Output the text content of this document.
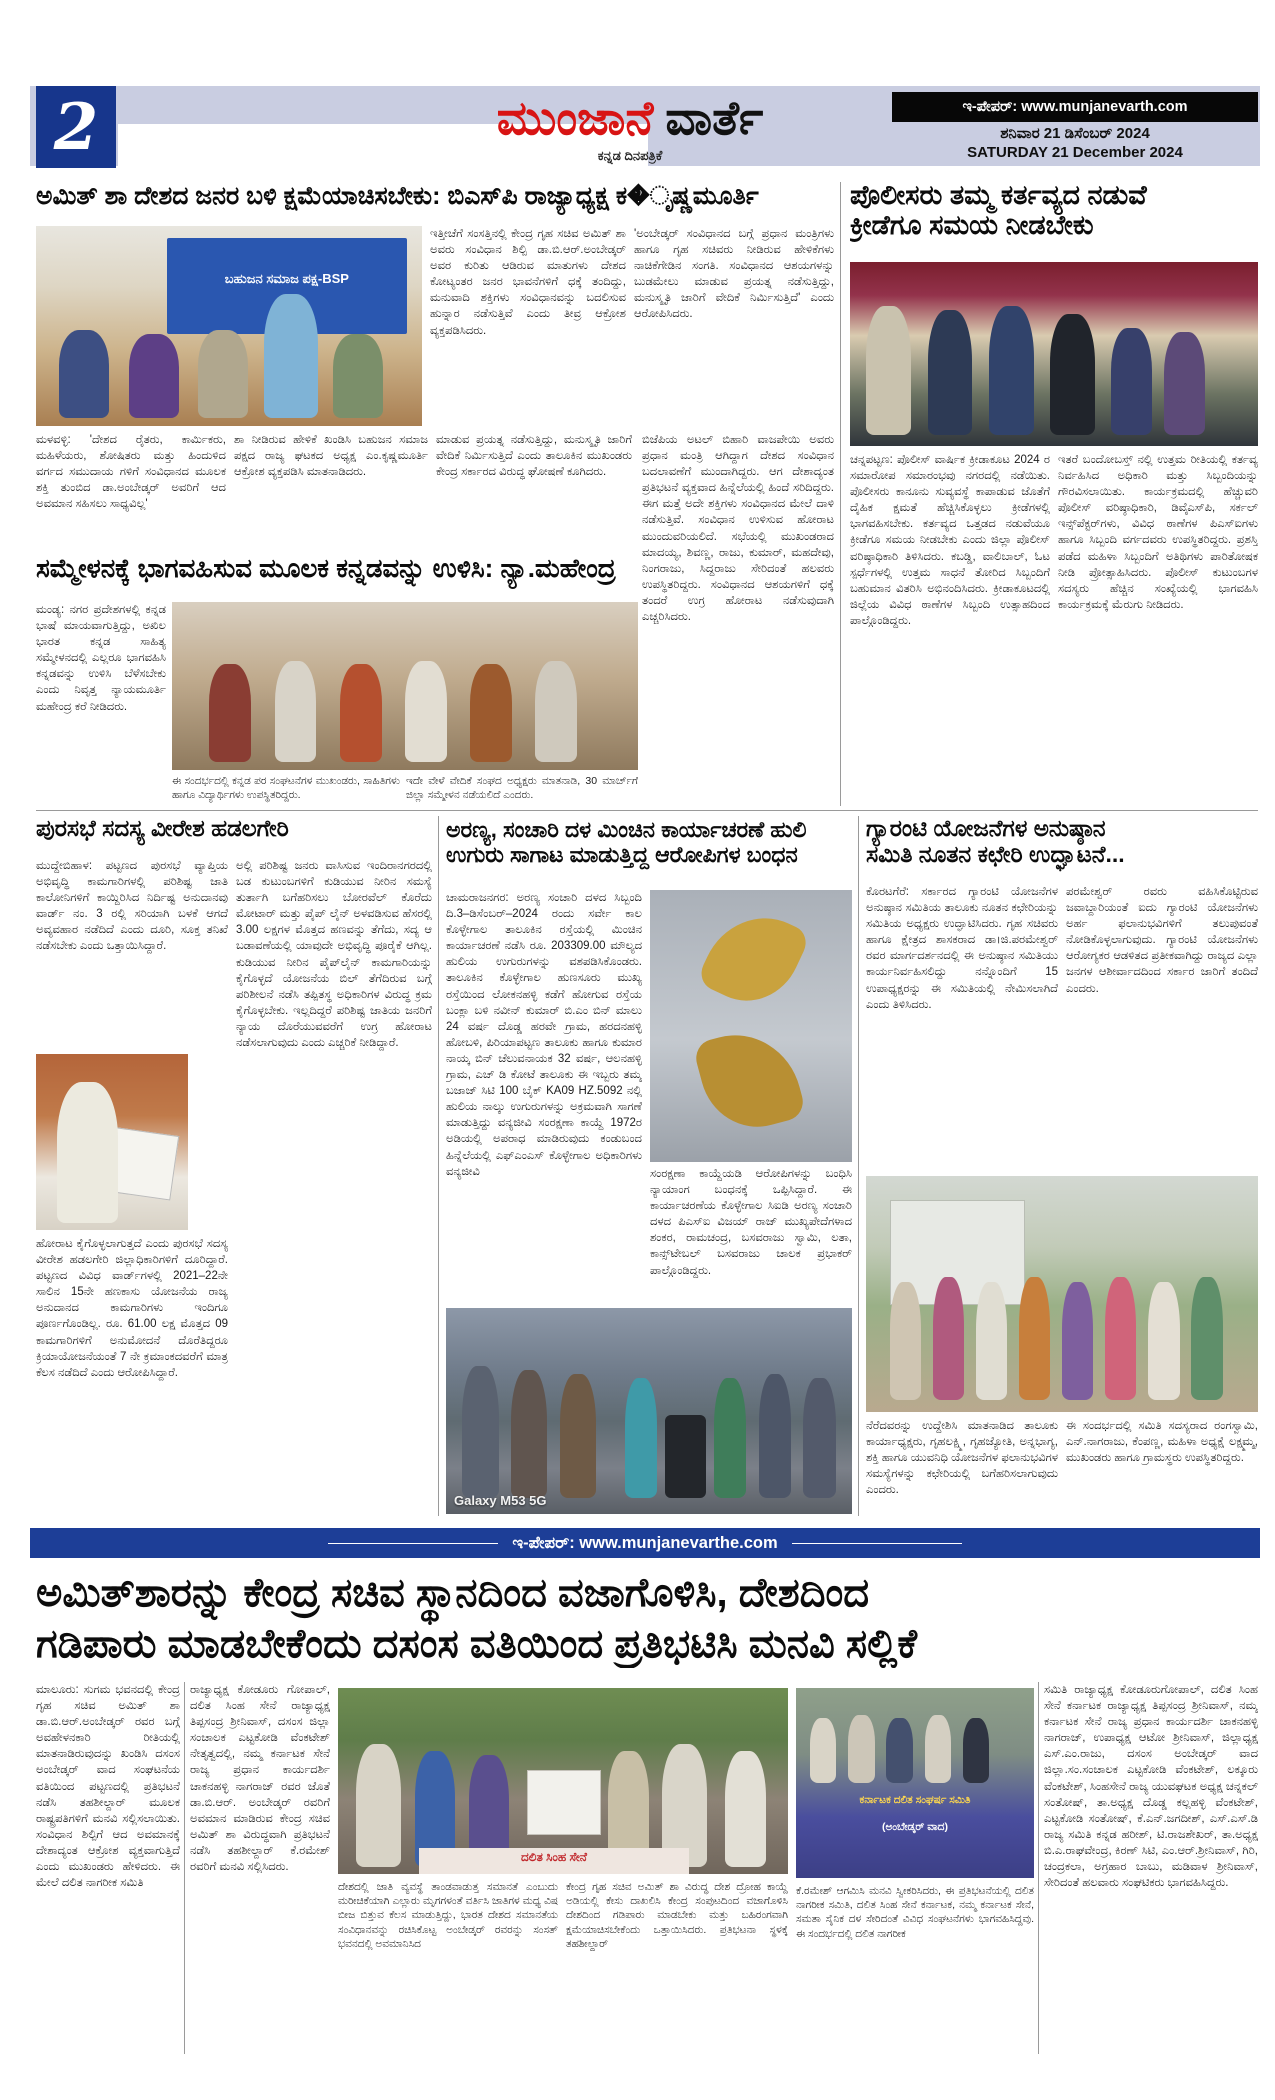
2	ಮುಂಜಾನೆ ವಾರ್ತೆ
ಕನ್ನಡ ದಿನಪತ್ರಿಕೆ
ಇ-ಪೇಪರ್: www.munjanevarth.com
ಶನಿವಾರ 21 ಡಿಸೆಂಬರ್ 2024
SATURDAY 21 December 2024
ಅಮಿತ್ ಶಾ ದೇಶದ ಜನರ ಬಳಿ ಕ್ಷಮೆಯಾಚಿಸಬೇಕು: ಬಿಎಸ್‌ಪಿ ರಾಜ್ಯಾಧ್ಯಕ್ಷ ಕ�ೃಷ್ಣಮೂರ್ತಿ
ಬಹುಜನ ಸಮಾಜ ಪಕ್ಷ-BSP
ಇತ್ತೀಚೆಗೆ ಸಂಸತ್ತಿನಲ್ಲಿ ಕೇಂದ್ರ ಗೃಹ ಸಚಿವ ಅಮಿತ್ ಶಾ ಅವರು ಸಂವಿಧಾನ ಶಿಲ್ಪಿ ಡಾ.ಬಿ.ಆರ್.ಅಂಬೇಡ್ಕರ್ ಅವರ ಕುರಿತು ಆಡಿರುವ ಮಾತುಗಳು ದೇಶದ ಕೋಟ್ಯಂತರ ಜನರ ಭಾವನೆಗಳಿಗೆ ಧಕ್ಕೆ ತಂದಿದ್ದು, ಮನುವಾದಿ ಶಕ್ತಿಗಳು ಸಂವಿಧಾನವನ್ನು ಬದಲಿಸುವ ಹುನ್ನಾರ ನಡೆಸುತ್ತಿವೆ ಎಂದು ತೀವ್ರ ಆಕ್ರೋಶ ವ್ಯಕ್ತಪಡಿಸಿದರು.
'ಅಂಬೇಡ್ಕರ್ ಸಂವಿಧಾನದ ಬಗ್ಗೆ ಪ್ರಧಾನ ಮಂತ್ರಿಗಳು ಹಾಗೂ ಗೃಹ ಸಚಿವರು ನೀಡಿರುವ ಹೇಳಿಕೆಗಳು ನಾಚಿಕೆಗೇಡಿನ ಸಂಗತಿ. ಸಂವಿಧಾನದ ಆಶಯಗಳನ್ನು ಬುಡಮೇಲು ಮಾಡುವ ಪ್ರಯತ್ನ ನಡೆಸುತ್ತಿದ್ದು, ಮನುಸ್ಮೃತಿ ಜಾರಿಗೆ ವೇದಿಕೆ ನಿರ್ಮಿಸುತ್ತಿದೆ' ಎಂದು ಆರೋಪಿಸಿದರು.
ಮಳವಳ್ಳಿ: 'ದೇಶದ ರೈತರು, ಕಾರ್ಮಿಕರು, ಮಹಿಳೆಯರು, ಶೋಷಿತರು ಮತ್ತು ಹಿಂದುಳಿದ ವರ್ಗದ ಸಮುದಾಯ ಗಳಿಗೆ ಸಂವಿಧಾನದ ಮೂಲಕ ಶಕ್ತಿ ತುಂಬಿದ ಡಾ.ಅಂಬೇಡ್ಕರ್ ಅವರಿಗೆ ಆದ ಅವಮಾನ ಸಹಿಸಲು ಸಾಧ್ಯವಿಲ್ಲ'
ಶಾ ನೀಡಿರುವ ಹೇಳಿಕೆ ಖಂಡಿಸಿ ಬಹುಜನ ಸಮಾಜ ಪಕ್ಷದ ರಾಜ್ಯ ಘಟಕದ ಅಧ್ಯಕ್ಷ ಎಂ.ಕೃಷ್ಣಮೂರ್ತಿ ಆಕ್ರೋಶ ವ್ಯಕ್ತಪಡಿಸಿ ಮಾತನಾಡಿದರು.
ಮಾಡುವ ಪ್ರಯತ್ನ ನಡೆಸುತ್ತಿದ್ದು, ಮನುಸ್ಮೃತಿ ಜಾರಿಗೆ ವೇದಿಕೆ ನಿರ್ಮಿಸುತ್ತಿದೆ ಎಂದು ತಾಲೂಕಿನ ಮುಖಂಡರು ಕೇಂದ್ರ ಸರ್ಕಾರದ ವಿರುದ್ಧ ಘೋಷಣೆ ಕೂಗಿದರು.
ಬಿಜೆಪಿಯ ಅಟಲ್ ಬಿಹಾರಿ ವಾಜಪೇಯಿ ಅವರು ಪ್ರಧಾನ ಮಂತ್ರಿ ಆಗಿದ್ದಾಗ ದೇಶದ ಸಂವಿಧಾನ ಬದಲಾವಣೆಗೆ ಮುಂದಾಗಿದ್ದರು. ಆಗ ದೇಶಾದ್ಯಂತ ಪ್ರತಿಭಟನೆ ವ್ಯಕ್ತವಾದ ಹಿನ್ನೆಲೆಯಲ್ಲಿ ಹಿಂದೆ ಸರಿದಿದ್ದರು. ಈಗ ಮತ್ತೆ ಅದೇ ಶಕ್ತಿಗಳು ಸಂವಿಧಾನದ ಮೇಲೆ ದಾಳಿ ನಡೆಸುತ್ತಿವೆ. ಸಂವಿಧಾನ ಉಳಿಸುವ ಹೋರಾಟ ಮುಂದುವರಿಯಲಿದೆ. ಸಭೆಯಲ್ಲಿ ಮುಖಂಡರಾದ ಮಾದಯ್ಯ, ಶಿವಣ್ಣ, ರಾಜು, ಕುಮಾರ್, ಮಹದೇವು, ನಿಂಗರಾಜು, ಸಿದ್ದರಾಜು ಸೇರಿದಂತೆ ಹಲವರು ಉಪಸ್ಥಿತರಿದ್ದರು. ಸಂವಿಧಾನದ ಆಶಯಗಳಿಗೆ ಧಕ್ಕೆ ತಂದರೆ ಉಗ್ರ ಹೋರಾಟ ನಡೆಸುವುದಾಗಿ ಎಚ್ಚರಿಸಿದರು.
ಸಮ್ಮೇಳನಕ್ಕೆ ಭಾಗವಹಿಸುವ ಮೂಲಕ ಕನ್ನಡವನ್ನು ಉಳಿಸಿ: ನ್ಯಾ.ಮಹೇಂದ್ರ
ಮಂಡ್ಯ: ನಗರ ಪ್ರದೇಶಗಳಲ್ಲಿ ಕನ್ನಡ ಭಾಷೆ ಮಾಯವಾಗುತ್ತಿದ್ದು, ಅಖಿಲ ಭಾರತ ಕನ್ನಡ ಸಾಹಿತ್ಯ ಸಮ್ಮೇಳನದಲ್ಲಿ ಎಲ್ಲರೂ ಭಾಗವಹಿಸಿ ಕನ್ನಡವನ್ನು ಉಳಿಸಿ ಬೆಳೆಸಬೇಕು ಎಂದು ನಿವೃತ್ತ ನ್ಯಾಯಮೂರ್ತಿ ಮಹೇಂದ್ರ ಕರೆ ನೀಡಿದರು.
ಈ ಸಂದರ್ಭದಲ್ಲಿ ಕನ್ನಡ ಪರ ಸಂಘಟನೆಗಳ ಮುಖಂಡರು, ಸಾಹಿತಿಗಳು ಹಾಗೂ ವಿದ್ಯಾರ್ಥಿಗಳು ಉಪಸ್ಥಿತರಿದ್ದರು.
ಇದೇ ವೇಳೆ ವೇದಿಕೆ ಸಂಘದ ಅಧ್ಯಕ್ಷರು ಮಾತನಾಡಿ, 30 ಮಾರ್ಚ್‌ಗೆ ಜಿಲ್ಲಾ ಸಮ್ಮೇಳನ ನಡೆಯಲಿದೆ ಎಂದರು.
ಪೊಲೀಸರು ತಮ್ಮ ಕರ್ತವ್ಯದ ನಡುವೆ
ಕ್ರೀಡೆಗೂ ಸಮಯ ನೀಡಬೇಕು
ಚನ್ನಪಟ್ಟಣ: ಪೊಲೀಸ್ ವಾರ್ಷಿಕ ಕ್ರೀಡಾಕೂಟ 2024 ರ ಸಮಾರೋಪ ಸಮಾರಂಭವು ನಗರದಲ್ಲಿ ನಡೆಯಿತು. ಪೊಲೀಸರು ಕಾನೂನು ಸುವ್ಯವಸ್ಥೆ ಕಾಪಾಡುವ ಜೊತೆಗೆ ದೈಹಿಕ ಕ್ಷಮತೆ ಹೆಚ್ಚಿಸಿಕೊಳ್ಳಲು ಕ್ರೀಡೆಗಳಲ್ಲಿ ಭಾಗವಹಿಸಬೇಕು. ಕರ್ತವ್ಯದ ಒತ್ತಡದ ನಡುವೆಯೂ ಕ್ರೀಡೆಗೂ ಸಮಯ ನೀಡಬೇಕು ಎಂದು ಜಿಲ್ಲಾ ಪೊಲೀಸ್ ವರಿಷ್ಠಾಧಿಕಾರಿ ತಿಳಿಸಿದರು. ಕಬಡ್ಡಿ, ವಾಲಿಬಾಲ್, ಓಟ ಸ್ಪರ್ಧೆಗಳಲ್ಲಿ ಉತ್ತಮ ಸಾಧನೆ ತೋರಿದ ಸಿಬ್ಬಂದಿಗೆ ಬಹುಮಾನ ವಿತರಿಸಿ ಅಭಿನಂದಿಸಿದರು. ಕ್ರೀಡಾಕೂಟದಲ್ಲಿ ಜಿಲ್ಲೆಯ ವಿವಿಧ ಠಾಣೆಗಳ ಸಿಬ್ಬಂದಿ ಉತ್ಸಾಹದಿಂದ ಪಾಲ್ಗೊಂಡಿದ್ದರು.
ಇತರೆ ಬಂದೋಬಸ್ತ್ ನಲ್ಲಿ ಉತ್ತಮ ರೀತಿಯಲ್ಲಿ ಕರ್ತವ್ಯ ನಿರ್ವಹಿಸಿದ ಅಧಿಕಾರಿ ಮತ್ತು ಸಿಬ್ಬಂದಿಯನ್ನು ಗೌರವಿಸಲಾಯಿತು. ಕಾರ್ಯಕ್ರಮದಲ್ಲಿ ಹೆಚ್ಚುವರಿ ಪೊಲೀಸ್ ವರಿಷ್ಠಾಧಿಕಾರಿ, ಡಿವೈಎಸ್‌ಪಿ, ಸರ್ಕಲ್ ಇನ್ಸ್‌ಪೆಕ್ಟರ್‌ಗಳು, ವಿವಿಧ ಠಾಣೆಗಳ ಪಿಎಸ್‌ಐಗಳು ಹಾಗೂ ಸಿಬ್ಬಂದಿ ವರ್ಗದವರು ಉಪಸ್ಥಿತರಿದ್ದರು. ಪ್ರಶಸ್ತಿ ಪಡೆದ ಮಹಿಳಾ ಸಿಬ್ಬಂದಿಗೆ ಅತಿಥಿಗಳು ಪಾರಿತೋಷಕ ನೀಡಿ ಪ್ರೋತ್ಸಾಹಿಸಿದರು. ಪೊಲೀಸ್ ಕುಟುಂಬಗಳ ಸದಸ್ಯರು ಹೆಚ್ಚಿನ ಸಂಖ್ಯೆಯಲ್ಲಿ ಭಾಗವಹಿಸಿ ಕಾರ್ಯಕ್ರಮಕ್ಕೆ ಮೆರುಗು ನೀಡಿದರು.
ಪುರಸಭೆ ಸದಸ್ಯ ವೀರೇಶ ಹಡಲಗೇರಿ
ಮುದ್ದೇಬಿಹಾಳ: ಪಟ್ಟಣದ ಪುರಸಭೆ ವ್ಯಾಪ್ತಿಯ ಅಭಿವೃದ್ಧಿ ಕಾಮಗಾರಿಗಳಲ್ಲಿ ಪರಿಶಿಷ್ಟ ಜಾತಿ ಕಾಲೋನಿಗಳಿಗೆ ಕಾಯ್ದಿರಿಸಿದ ನಿರ್ದಿಷ್ಟ ಅನುದಾನವು ವಾರ್ಡ್ ನಂ. 3 ರಲ್ಲಿ ಸರಿಯಾಗಿ ಬಳಕೆ ಆಗದೆ ಅವ್ಯವಹಾರ ನಡೆದಿದೆ ಎಂದು ದೂರಿ, ಸೂಕ್ತ ತನಿಖೆ ನಡೆಸಬೇಕು ಎಂದು ಒತ್ತಾಯಿಸಿದ್ದಾರೆ.
ಹೋರಾಟ ಕೈಗೊಳ್ಳಲಾಗುತ್ತದೆ ಎಂದು ಪುರಸಭೆ ಸದಸ್ಯ ವೀರೇಶ ಹಡಲಗೇರಿ ಜಿಲ್ಲಾಧಿಕಾರಿಗಳಿಗೆ ದೂರಿದ್ದಾರೆ. ಪಟ್ಟಣದ ವಿವಿಧ ವಾರ್ಡ್‌ಗಳಲ್ಲಿ 2021–22ನೇ ಸಾಲಿನ 15ನೇ ಹಣಕಾಸು ಯೋಜನೆಯ ರಾಜ್ಯ ಅನುದಾನದ ಕಾಮಗಾರಿಗಳು ಇಂದಿಗೂ ಪೂರ್ಣಗೊಂಡಿಲ್ಲ. ರೂ. 61.00 ಲಕ್ಷ ಮೊತ್ತದ 09 ಕಾಮಗಾರಿಗಳಿಗೆ ಅನುಮೋದನೆ ದೊರೆತಿದ್ದರೂ ಕ್ರಿಯಾಯೋಜನೆಯಂತೆ 7 ನೇ ಕ್ರಮಾಂಕದವರೆಗೆ ಮಾತ್ರ ಕೆಲಸ ನಡೆದಿದೆ ಎಂದು ಆರೋಪಿಸಿದ್ದಾರೆ.
ಅಲ್ಲಿ ಪರಿಶಿಷ್ಟ ಜನರು ವಾಸಿಸುವ ಇಂದಿರಾನಗರದಲ್ಲಿ ಬಡ ಕುಟುಂಬಗಳಿಗೆ ಕುಡಿಯುವ ನೀರಿನ ಸಮಸ್ಯೆ ತುರ್ತಾಗಿ ಬಗೆಹರಿಸಲು ಬೋರವೆಲ್ ಕೊರೆದು ಮೋಟಾರ್ ಮತ್ತು ಪೈಪ್ ಲೈನ್ ಅಳವಡಿಸುವ ಹೆಸರಲ್ಲಿ 3.00 ಲಕ್ಷಗಳ ಮೊತ್ತದ ಹಣವನ್ನು ತೆಗೆದು, ಸದ್ಯ ಆ ಬಡಾವಣೆಯಲ್ಲಿ ಯಾವುದೇ ಅಭಿವೃದ್ಧಿ ಪೂರೈಕೆ ಆಗಿಲ್ಲ. ಕುಡಿಯುವ ನೀರಿನ ಪೈಪ್‌ಲೈನ್ ಕಾಮಗಾರಿಯನ್ನು ಕೈಗೊಳ್ಳದೆ ಯೋಜನೆಯ ಬಿಲ್ ತೆಗೆದಿರುವ ಬಗ್ಗೆ ಪರಿಶೀಲನೆ ನಡೆಸಿ ತಪ್ಪಿತಸ್ಥ ಅಧಿಕಾರಿಗಳ ವಿರುದ್ಧ ಕ್ರಮ ಕೈಗೊಳ್ಳಬೇಕು. ಇಲ್ಲದಿದ್ದರೆ ಪರಿಶಿಷ್ಟ ಜಾತಿಯ ಜನರಿಗೆ ನ್ಯಾಯ ದೊರೆಯುವವರೆಗೆ ಉಗ್ರ ಹೋರಾಟ ನಡೆಸಲಾಗುವುದು ಎಂದು ಎಚ್ಚರಿಕೆ ನೀಡಿದ್ದಾರೆ.
ಅರಣ್ಯ, ಸಂಚಾರಿ ದಳ ಮಿಂಚಿನ ಕಾರ್ಯಾಚರಣೆ ಹುಲಿ
ಉಗುರು ಸಾಗಾಟ ಮಾಡುತ್ತಿದ್ದ ಆರೋಪಿಗಳ ಬಂಧನ
ಚಾಮರಾಜನಗರ: ಅರಣ್ಯ ಸಂಚಾರಿ ದಳದ ಸಿಬ್ಬಂದಿ ದಿ.3–ಡಿಸೆಂಬರ್–2024 ರಂದು ಸರ್ವೇ ಕಾಲ ಕೊಳ್ಳೇಗಾಲ ತಾಲೂಕಿನ ರಸ್ತೆಯಲ್ಲಿ ಮಿಂಚಿನ ಕಾರ್ಯಾಚರಣೆ ನಡೆಸಿ ರೂ. 203309.00 ಮೌಲ್ಯದ ಹುಲಿಯ ಉಗುರುಗಳನ್ನು ವಶಪಡಿಸಿಕೊಂಡರು. ತಾಲೂಕಿನ ಕೊಳ್ಳೇಗಾಲ ಹುಣಸೂರು ಮುಖ್ಯ ರಸ್ತೆಯಿಂದ ಲೋಕನಹಳ್ಳಿ ಕಡೆಗೆ ಹೋಗುವ ರಸ್ತೆಯ ಬಂಕ್ಲಾ ಬಳಿ ನವೀನ್ ಕುಮಾರ್ ಬಿ.ಎಂ ಬಿನ್ ಮಾಲು 24 ವರ್ಷ ದೊಡ್ಡ ಹರವೇ ಗ್ರಾಮ, ಹರದನಹಳ್ಳಿ ಹೋಬಳಿ, ಪಿರಿಯಾಪಟ್ಟಣ ತಾಲೂಕು ಹಾಗೂ ಕುಮಾರ ನಾಯ್ಕ ಬಿನ್ ಚೆಲುವನಾಯಕ 32 ವರ್ಷ, ಆಲನಹಳ್ಳಿ ಗ್ರಾಮ, ಎಚ್ ಡಿ ಕೋಟೆ ತಾಲೂಕು ಈ ಇಬ್ಬರು ತಮ್ಮ ಬಜಾಜ್ ಸಿಟಿ 100 ಬೈಕ್ KA09 HZ.5092 ನಲ್ಲಿ ಹುಲಿಯ ನಾಲ್ಕು ಉಗುರುಗಳನ್ನು ಅಕ್ರಮವಾಗಿ ಸಾಗಣೆ ಮಾಡುತ್ತಿದ್ದು ವನ್ಯಜೀವಿ ಸಂರಕ್ಷಣಾ ಕಾಯ್ದೆ 1972ರ ಅಡಿಯಲ್ಲಿ ಅಪರಾಧ ಮಾಡಿರುವುದು ಕಂಡುಬಂದ ಹಿನ್ನೆಲೆಯಲ್ಲಿ ಎಫ್‌ಎಂಎಸ್ ಕೊಳ್ಳೇಗಾಲ ಅಧಿಕಾರಿಗಳು ವನ್ಯಜೀವಿ	ಸಂರಕ್ಷಣಾ ಕಾಯ್ದೆಯಡಿ ಆರೋಪಿಗಳನ್ನು ಬಂಧಿಸಿ ನ್ಯಾಯಾಂಗ ಬಂಧನಕ್ಕೆ ಒಪ್ಪಿಸಿದ್ದಾರೆ. ಈ ಕಾರ್ಯಾಚರಣೆಯ ಕೊಳ್ಳೇಗಾಲ ಸಿಐಡಿ ಅರಣ್ಯ ಸಂಚಾರಿ ದಳದ ಪಿಎಸ್‌ಐ ವಿಜಯ್ ರಾಜ್ ಮುಖ್ಯಪೇದೆಗಳಾದ ಶಂಕರ, ರಾಮಚಂದ್ರ, ಬಸವರಾಜು ಸ್ವಾಮಿ, ಲತಾ, ಕಾನ್ಸ್‌ಟೇಬಲ್ ಬಸವರಾಜು ಚಾಲಕ ಪ್ರಭಾಕರ್ ಪಾಲ್ಗೊಂಡಿದ್ದರು.
Galaxy M53 5G
ಗ್ಯಾರಂಟಿ ಯೋಜನೆಗಳ ಅನುಷ್ಠಾನ
ಸಮಿತಿ ನೂತನ ಕಛೇರಿ ಉದ್ಘಾಟನೆ...
ಕೊರಟಗೆರೆ: ಸರ್ಕಾರದ ಗ್ಯಾರಂಟಿ ಯೋಜನೆಗಳ ಅನುಷ್ಠಾನ ಸಮಿತಿಯ ತಾಲೂಕು ನೂತನ ಕಛೇರಿಯನ್ನು ಸಮಿತಿಯ ಅಧ್ಯಕ್ಷರು ಉದ್ಘಾಟಿಸಿದರು. ಗೃಹ ಸಚಿವರು ಹಾಗೂ ಕ್ಷೇತ್ರದ ಶಾಸಕರಾದ ಡಾ।ಜಿ.ಪರಮೇಶ್ವರ್ ರವರ ಮಾರ್ಗದರ್ಶನದಲ್ಲಿ ಈ ಅನುಷ್ಠಾನ ಸಮಿತಿಯು ಕಾರ್ಯನಿರ್ವಹಿಸಲಿದ್ದು ನನ್ನೊಂದಿಗೆ 15 ಉಪಾಧ್ಯಕ್ಷರನ್ನು ಈ ಸಮಿತಿಯಲ್ಲಿ ನೇಮಿಸಲಾಗಿದೆ ಎಂದು ತಿಳಿಸಿದರು.
ಪರಮೇಶ್ವರ್ ರವರು ವಹಿಸಿಕೊಟ್ಟಿರುವ ಜವಾಬ್ದಾರಿಯಂತೆ ಐದು ಗ್ಯಾರಂಟಿ ಯೋಜನೆಗಳು ಅರ್ಹ ಫಲಾನುಭವಿಗಳಿಗೆ ತಲುಪುವಂತೆ ನೋಡಿಕೊಳ್ಳಲಾಗುವುದು. ಗ್ಯಾರಂಟಿ ಯೋಜನೆಗಳು ಆರೋಗ್ಯಕರ ಆಡಳಿತದ ಪ್ರತೀಕವಾಗಿದ್ದು ರಾಜ್ಯದ ಎಲ್ಲಾ ಜನಗಳ ಆಶೀರ್ವಾದದಿಂದ ಸರ್ಕಾರ ಜಾರಿಗೆ ತಂದಿದೆ ಎಂದರು.
ನೆರೆದವರನ್ನು ಉದ್ದೇಶಿಸಿ ಮಾತನಾಡಿದ ತಾಲೂಕು ಕಾರ್ಯಾಧ್ಯಕ್ಷರು, ಗೃಹಲಕ್ಷ್ಮಿ, ಗೃಹಜ್ಯೋತಿ, ಅನ್ನಭಾಗ್ಯ, ಶಕ್ತಿ ಹಾಗೂ ಯುವನಿಧಿ ಯೋಜನೆಗಳ ಫಲಾನುಭವಿಗಳ ಸಮಸ್ಯೆಗಳನ್ನು ಕಛೇರಿಯಲ್ಲಿ ಬಗೆಹರಿಸಲಾಗುವುದು ಎಂದರು.
ಈ ಸಂದರ್ಭದಲ್ಲಿ ಸಮಿತಿ ಸದಸ್ಯರಾದ ರಂಗಸ್ವಾಮಿ, ಎನ್.ನಾಗರಾಜು, ಕೆಂಪಣ್ಣ, ಮಹಿಳಾ ಅಧ್ಯಕ್ಷೆ ಲಕ್ಷ್ಮಮ್ಮ, ಮುಖಂಡರು ಹಾಗೂ ಗ್ರಾಮಸ್ಥರು ಉಪಸ್ಥಿತರಿದ್ದರು.
ಇ-ಪೇಪರ್: www.munjanevarthe.com
ಅಮಿತ್‌ಶಾರನ್ನು ಕೇಂದ್ರ ಸಚಿವ ಸ್ಥಾನದಿಂದ ವಜಾಗೊಳಿಸಿ, ದೇಶದಿಂದ
ಗಡಿಪಾರು ಮಾಡಬೇಕೆಂದು ದಸಂಸ ವತಿಯಿಂದ ಪ್ರತಿಭಟಿಸಿ ಮನವಿ ಸಲ್ಲಿಕೆ
ಮಾಲೂರು: ಸುಗಮ ಭವನದಲ್ಲಿ ಕೇಂದ್ರ ಗೃಹ ಸಚಿವ ಅಮಿತ್ ಶಾ ಡಾ.ಬಿ.ಆರ್.ಅಂಬೇಡ್ಕರ್ ರವರ ಬಗ್ಗೆ ಅವಹೇಳನಕಾರಿ ರೀತಿಯಲ್ಲಿ ಮಾತನಾಡಿರುವುದನ್ನು ಖಂಡಿಸಿ ದಸಂಸ ಅಂಬೇಡ್ಕರ್ ವಾದ ಸಂಘಟನೆಯ ವತಿಯಿಂದ ಪಟ್ಟಣದಲ್ಲಿ ಪ್ರತಿಭಟನೆ ನಡೆಸಿ ತಹಶೀಲ್ದಾರ್ ಮೂಲಕ ರಾಷ್ಟ್ರಪತಿಗಳಿಗೆ ಮನವಿ ಸಲ್ಲಿಸಲಾಯಿತು. ಸಂವಿಧಾನ ಶಿಲ್ಪಿಗೆ ಆದ ಅವಮಾನಕ್ಕೆ ದೇಶಾದ್ಯಂತ ಆಕ್ರೋಶ ವ್ಯಕ್ತವಾಗುತ್ತಿದೆ ಎಂದು ಮುಖಂಡರು ಹೇಳಿದರು. ಈ ಮೇಲೆ ದಲಿತ ನಾಗರೀಕ ಸಮಿತಿ
ರಾಜ್ಯಾಧ್ಯಕ್ಷ ಕೋಡೂರು ಗೋಪಾಲ್, ದಲಿತ ಸಿಂಹ ಸೇನೆ ರಾಜ್ಯಾಧ್ಯಕ್ಷ ತಿಪ್ಪಸಂದ್ರ ಶ್ರೀನಿವಾಸ್, ದಸಂಸ ಜಿಲ್ಲಾ ಸಂಚಾಲಕ ಎಟ್ಟಕೋಡಿ ವೆಂಕಟೇಶ್ ನೇತೃತ್ವದಲ್ಲಿ, ನಮ್ಮ ಕರ್ನಾಟಕ ಸೇನೆ ರಾಜ್ಯ ಪ್ರಧಾನ ಕಾರ್ಯದರ್ಶಿ ಚಾಕನಹಳ್ಳಿ ನಾಗರಾಜ್ ರವರ ಜೊತೆ ಡಾ.ಬಿ.ಆರ್. ಅಂಬೇಡ್ಕರ್ ರವರಿಗೆ ಅವಮಾನ ಮಾಡಿರುವ ಕೇಂದ್ರ ಸಚಿವ ಅಮಿತ್ ಶಾ ವಿರುದ್ಧವಾಗಿ ಪ್ರತಿಭಟನೆ ನಡೆಸಿ ತಹಶೀಲ್ದಾರ್ ಕೆ.ರಮೇಶ್ ರವರಿಗೆ ಮನವಿ ಸಲ್ಲಿಸಿದರು.
ದಲಿತ ಸಿಂಹ ಸೇನೆ
ದೇಶದಲ್ಲಿ ಜಾತಿ ವ್ಯವಸ್ಥೆ ತಾಂಡವಾಡುತ್ತ ಸಮಾನತೆ ಎಂಬುದು ಮರೀಚಿಕೆಯಾಗಿ ಎಲ್ಲಾರು ಮೃಗಗಳಂತೆ ವರ್ತಿಸಿ ಜಾತಿಗಳ ಮಧ್ಯ ವಿಷ ಬೀಜ ಬಿತ್ತುವ ಕೆಲಸ ಮಾಡುತ್ತಿದ್ದು, ಭಾರತ ದೇಶದ ಸಮಾನತೆಯ ಸಂವಿಧಾನವನ್ನು ರಚಿಸಿಕೊಟ್ಟ ಅಂಬೇಡ್ಕರ್ ರವರನ್ನು ಸಂಸತ್ ಭವನದಲ್ಲಿ ಅವಮಾನಿಸಿದ
ಕೇಂದ್ರ ಗೃಹ ಸಚಿವ ಅಮಿತ್ ಶಾ ವಿರುದ್ಧ ದೇಶ ದ್ರೋಹ ಕಾಯ್ದೆ ಅಡಿಯಲ್ಲಿ ಕೇಸು ದಾಖಲಿಸಿ ಕೇಂದ್ರ ಸಂಪುಟದಿಂದ ವಜಾಗೊಳಿಸಿ ದೇಶದಿಂದ ಗಡಿಪಾರು ಮಾಡಬೇಕು ಮತ್ತು ಬಹಿರಂಗವಾಗಿ ಕ್ಷಮೆಯಾಚಿಸಬೇಕೆಂದು ಒತ್ತಾಯಿಸಿದರು. ಪ್ರತಿಭಟನಾ ಸ್ಥಳಕ್ಕೆ ತಹಶೀಲ್ದಾರ್
ಕರ್ನಾಟಕ ದಲಿತ ಸಂಘರ್ಷ ಸಮಿತಿ
(ಅಂಬೇಡ್ಕರ್ ವಾದ)
ಕೆ.ರಮೇಶ್ ಆಗಮಿಸಿ ಮನವಿ ಸ್ವೀಕರಿಸಿದರು, ಈ ಪ್ರತಿಭಟನೆಯಲ್ಲಿ ದಲಿತ ನಾಗರೀಕ ಸಮಿತಿ, ದಲಿತ ಸಿಂಹ ಸೇನೆ ಕರ್ನಾಟಕ, ನಮ್ಮ ಕರ್ನಾಟಕ ಸೇನೆ, ಸಮತಾ ಸೈನಿಕ ದಳ ಸೇರಿದಂತೆ ವಿವಿಧ ಸಂಘಟನೆಗಳು ಭಾಗವಹಿಸಿದ್ದವು. ಈ ಸಂದರ್ಭದಲ್ಲಿ ದಲಿತ ನಾಗರೀಕ
ಸಮಿತಿ ರಾಜ್ಯಾಧ್ಯಕ್ಷ ಕೋಡೂರುಗೋಪಾಲ್, ದಲಿತ ಸಿಂಹ ಸೇನೆ ಕರ್ನಾಟಕ ರಾಜ್ಯಾಧ್ಯಕ್ಷ ತಿಪ್ಪಸಂದ್ರ ಶ್ರೀನಿವಾಸ್, ನಮ್ಮ ಕರ್ನಾಟಕ ಸೇನೆ ರಾಜ್ಯ ಪ್ರಧಾನ ಕಾರ್ಯದರ್ಶಿ ಚಾಕನಹಳ್ಳಿ ನಾಗರಾಜ್, ಉಪಾಧ್ಯಕ್ಷ ಆಟೋ ಶ್ರೀನಿವಾಸ್, ಜಿಲ್ಲಾಧ್ಯಕ್ಷ ಎಸ್.ಎಂ.ರಾಜು, ದಸಂಸ ಅಂಬೇಡ್ಕರ್ ವಾದ ಜಿಲ್ಲಾ.ಸಂ.ಸಂಚಾಲಕ ಎಟ್ಟಕೋಡಿ ವೆಂಕಟೇಶ್, ಲಕ್ಕೂರು ವೆಂಕಟೇಶ್, ಸಿಂಹಸೇನೆ ರಾಜ್ಯ ಯುವಘಟಕ ಅಧ್ಯಕ್ಷ ಚನ್ನಕಲ್ ಸಂತೋಷ್, ತಾ.ಅಧ್ಯಕ್ಷ ದೊಡ್ಡ ಕಲ್ಲಹಳ್ಳಿ ವೆಂಕಟೇಶ್, ಎಟ್ಟಕೋಡಿ ಸಂತೋಷ್, ಕೆ.ಎನ್.ಜಗದೀಶ್, ಎಸ್.ಎಸ್.ಡಿ ರಾಜ್ಯ ಸಮಿತಿ ಕನ್ನಡ ಹರೀಶ್, ಟಿ.ರಾಜಶೇಖರ್, ತಾ.ಅಧ್ಯಕ್ಷ ಬಿ.ಎ.ರಾಘವೇಂದ್ರ, ಕಿರಣ್ ಸಿಟಿ, ಎಂ.ಆರ್.ಶ್ರೀನಿವಾಸ್, ಗಿರಿ, ಚಂದ್ರಕಲಾ, ಅಗ್ರಹಾರ ಬಾಬು, ಮಡಿವಾಳ ಶ್ರೀನಿವಾಸ್, ಸೇರಿದಂತೆ ಹಲವಾರು ಸಂಘಟಿಕರು ಭಾಗವಹಿಸಿದ್ದರು.
